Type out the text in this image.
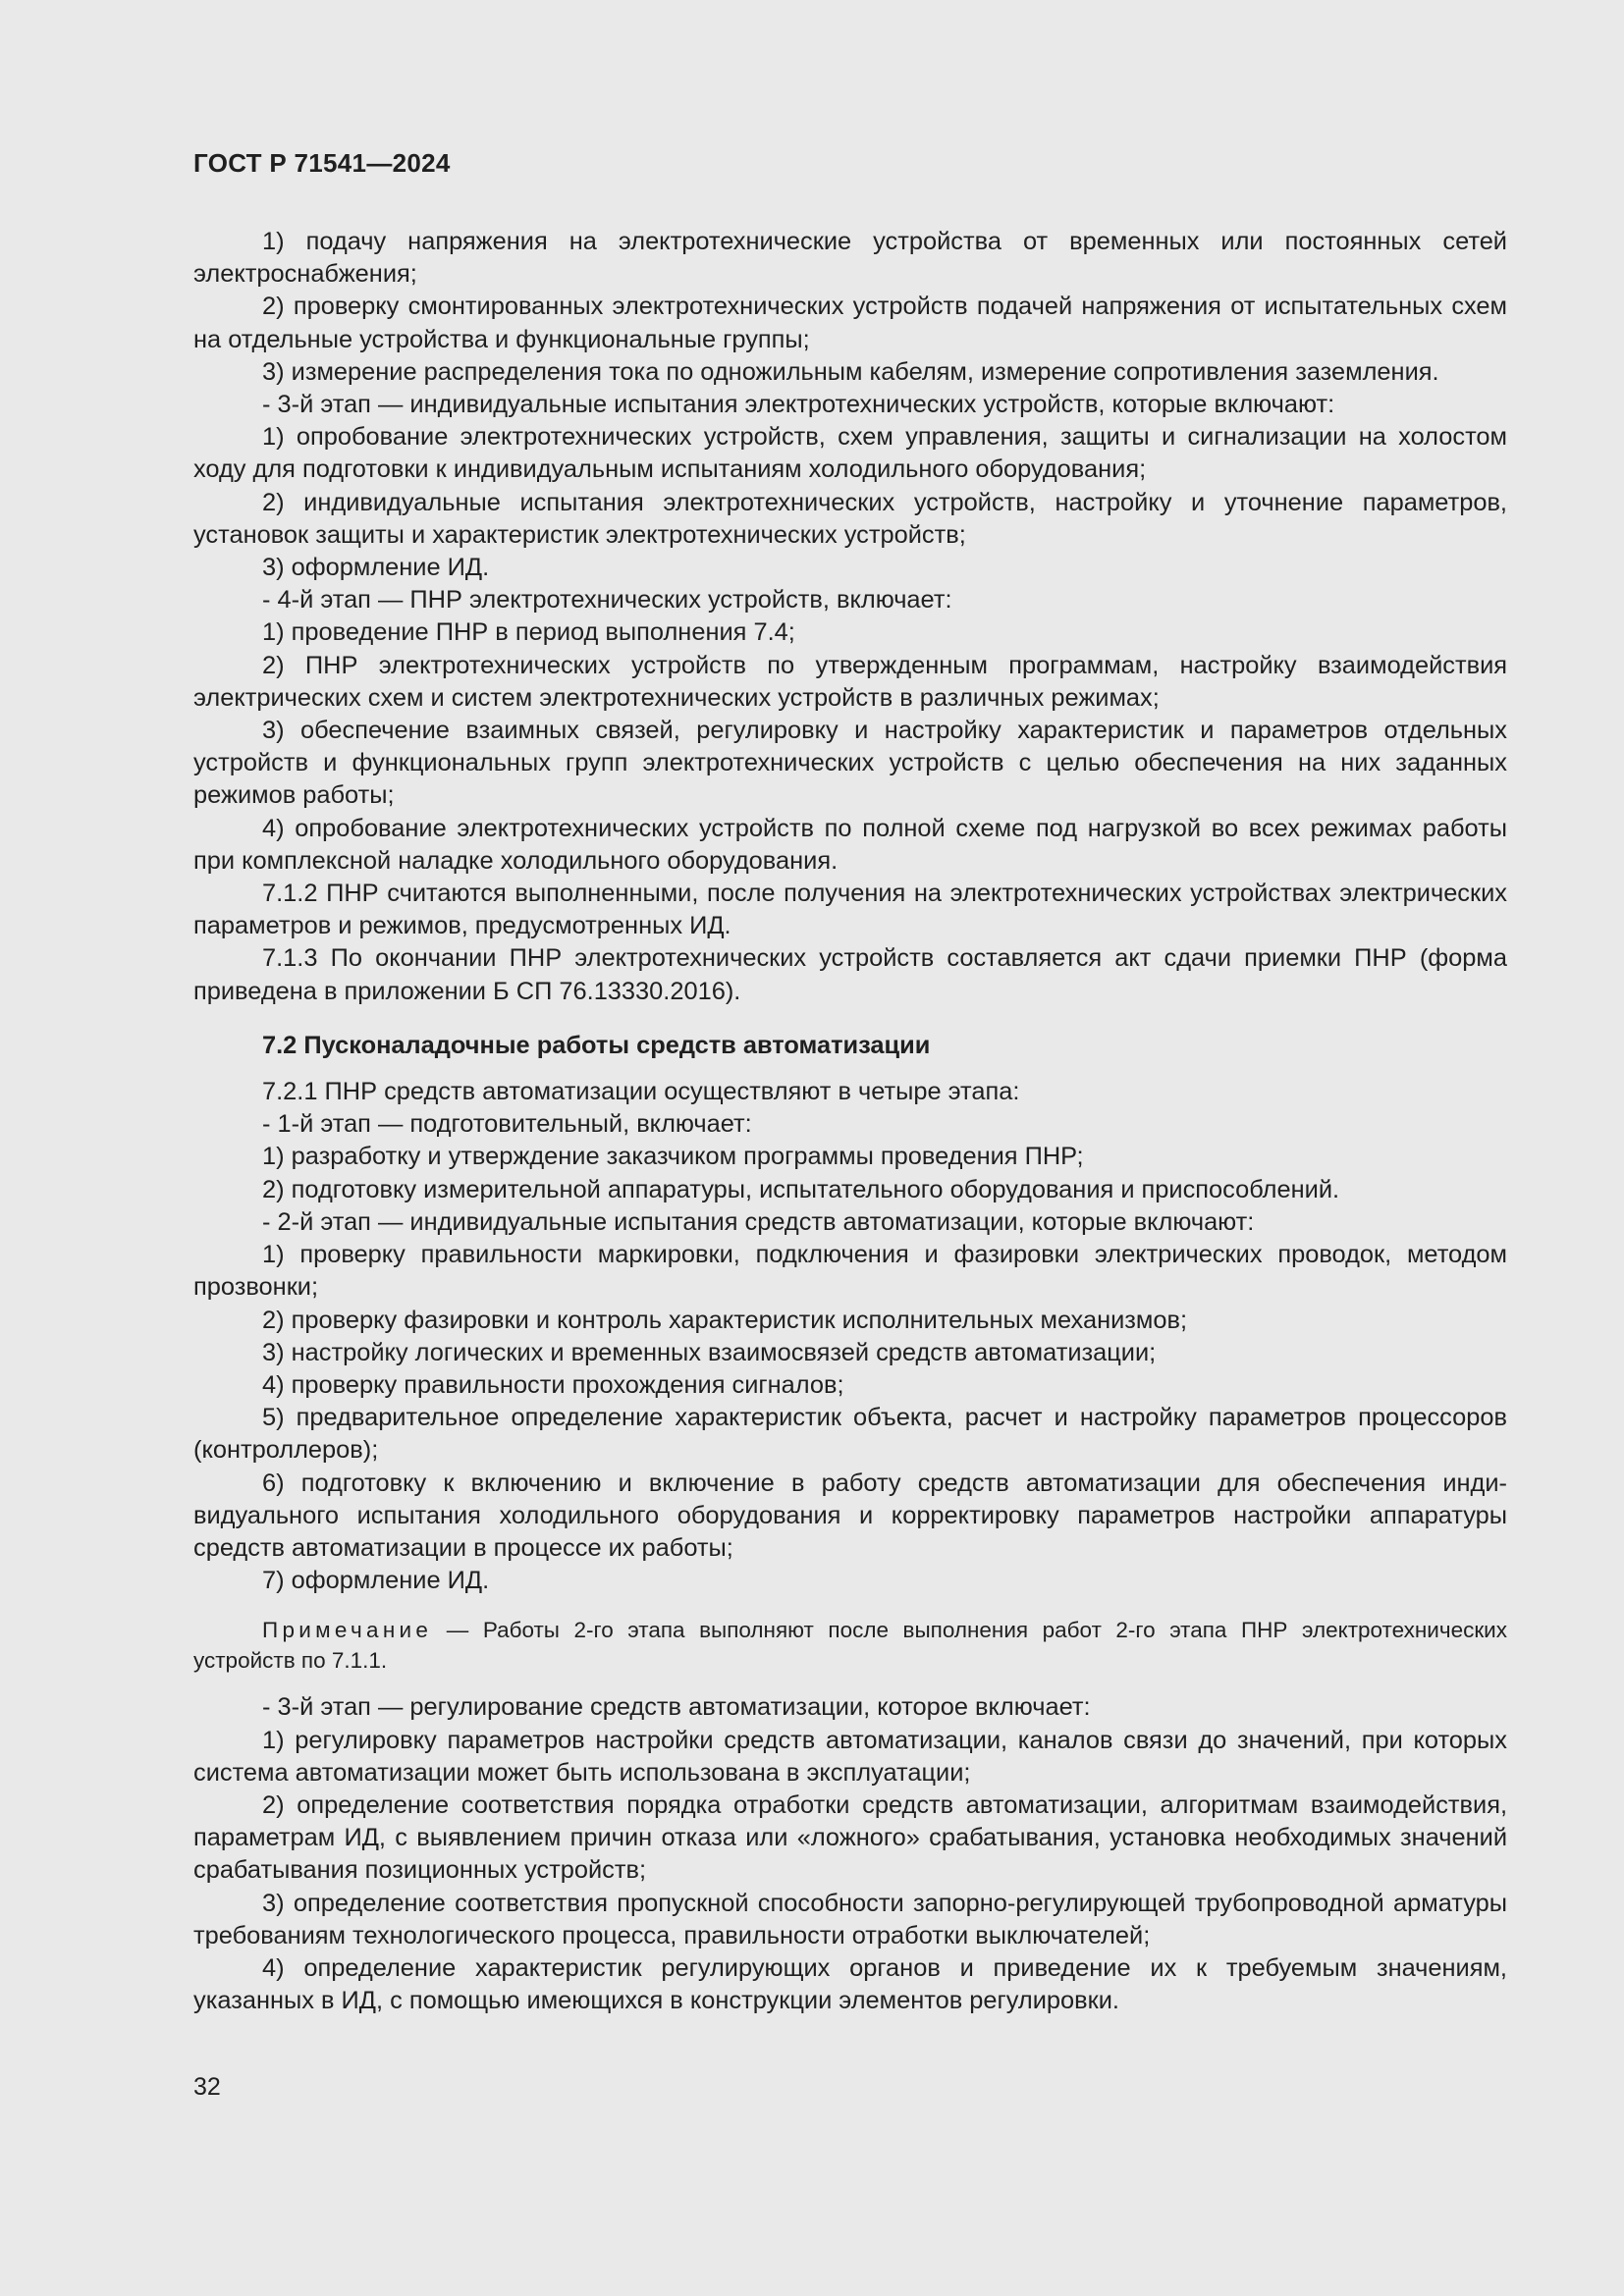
ГОСТ Р 71541—2024

1) подачу напряжения на электротехнические устройства от временных или постоянных сетей электроснабжения;

2) проверку смонтированных электротехнических устройств подачей напряжения от испытательных схем на отдельные устройства и функциональные группы;

3) измерение распределения тока по одножильным кабелям, измерение сопротивления заземления.

- 3-й этап — индивидуальные испытания электротехнических устройств, которые включают:

1) опробование электротехнических устройств, схем управления, защиты и сигнализации на холостом ходу для подготовки к индивидуальным испытаниям холодильного оборудования;

2) индивидуальные испытания электротехнических устройств, настройку и уточнение параметров, установок защиты и характеристик электротехнических устройств;

3) оформление ИД.

- 4-й этап — ПНР электротехнических устройств, включает:

1) проведение ПНР в период выполнения 7.4;

2) ПНР электротехнических устройств по утвержденным программам, настройку взаимодействия электрических схем и систем электротехнических устройств в различных режимах;

3) обеспечение взаимных связей, регулировку и настройку характеристик и параметров отдельных устройств и функциональных групп электротехнических устройств с целью обеспечения на них заданных режимов работы;

4) опробование электротехнических устройств по полной схеме под нагрузкой во всех режимах работы при комплексной наладке холодильного оборудования.

7.1.2 ПНР считаются выполненными, после получения на электротехнических устройствах электрических параметров и режимов, предусмотренных ИД.

7.1.3 По окончании ПНР электротехнических устройств составляется акт сдачи приемки ПНР (форма приведена в приложении Б СП 76.13330.2016).

7.2 Пусконаладочные работы средств автоматизации

7.2.1 ПНР средств автоматизации осуществляют в четыре этапа:

- 1-й этап — подготовительный, включает:

1) разработку и утверждение заказчиком программы проведения ПНР;

2) подготовку измерительной аппаратуры, испытательного оборудования и приспособлений.

- 2-й этап — индивидуальные испытания средств автоматизации, которые включают:

1) проверку правильности маркировки, подключения и фазировки электрических проводок, методом прозвонки;

2) проверку фазировки и контроль характеристик исполнительных механизмов;

3) настройку логических и временных взаимосвязей средств автоматизации;

4) проверку правильности прохождения сигналов;

5) предварительное определение характеристик объекта, расчет и настройку параметров процессоров (контроллеров);

6) подготовку к включению и включение в работу средств автоматизации для обеспечения индивидуального испытания холодильного оборудования и корректировку параметров настройки аппаратуры средств автоматизации в процессе их работы;

7) оформление ИД.

Примечание — Работы 2-го этапа выполняют после выполнения работ 2-го этапа ПНР электротехнических устройств по 7.1.1.

- 3-й этап — регулирование средств автоматизации, которое включает:

1) регулировку параметров настройки средств автоматизации, каналов связи до значений, при которых система автоматизации может быть использована в эксплуатации;

2) определение соответствия порядка отработки средств автоматизации, алгоритмам взаимодействия, параметрам ИД, с выявлением причин отказа или «ложного» срабатывания, установка необходимых значений срабатывания позиционных устройств;

3) определение соответствия пропускной способности запорно-регулирующей трубопроводной арматуры требованиям технологического процесса, правильности отработки выключателей;

4) определение характеристик регулирующих органов и приведение их к требуемым значениям, указанных в ИД, с помощью имеющихся в конструкции элементов регулировки.

32
